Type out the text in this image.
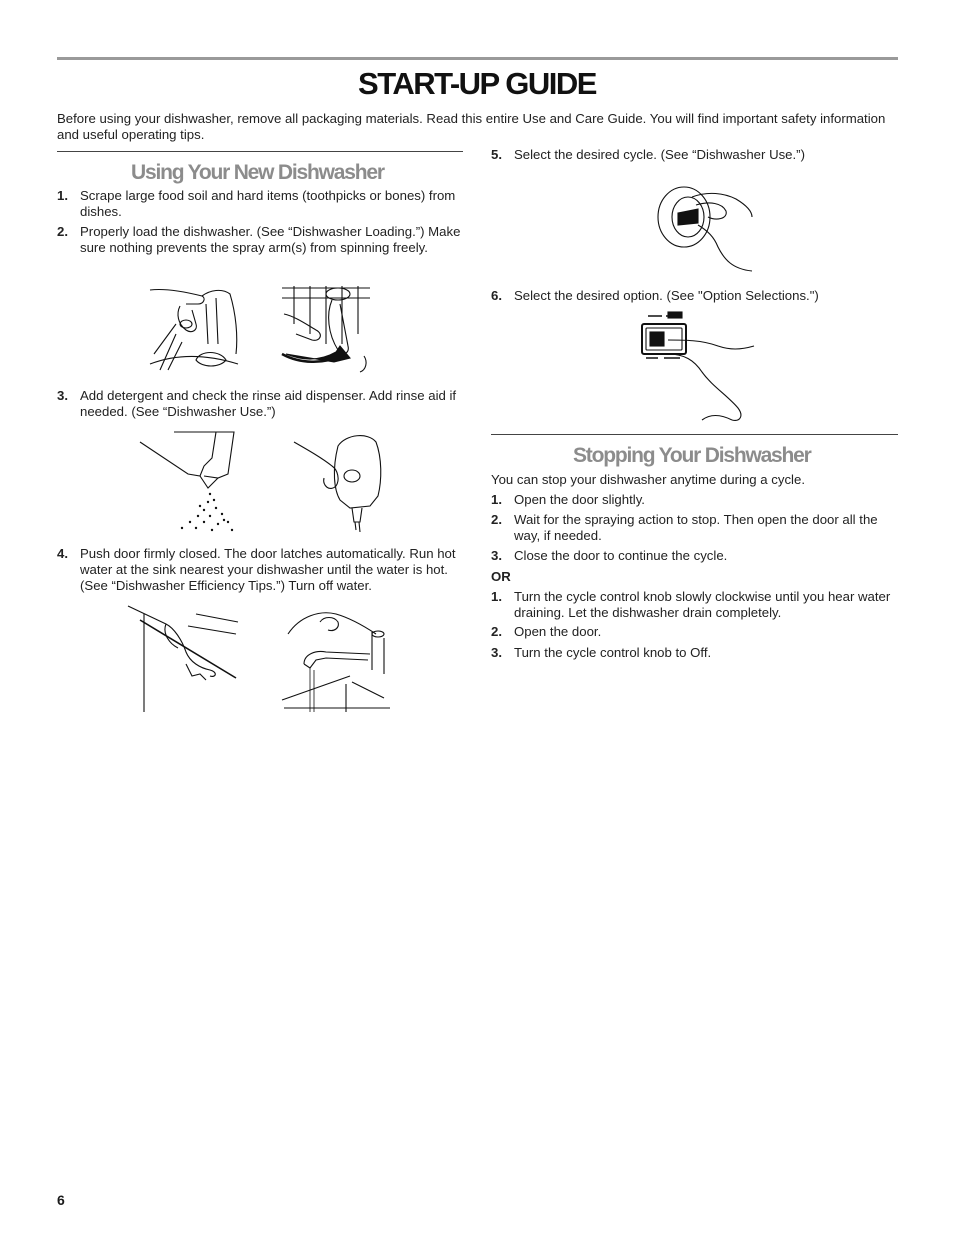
START-UP GUIDE
Before using your dishwasher, remove all packaging materials. Read this entire Use and Care Guide. You will find important safety information and useful operating tips.
Using Your New Dishwasher
1. Scrape large food soil and hard items (toothpicks or bones) from dishes.
2. Properly load the dishwasher. (See “Dishwasher Loading.”) Make sure nothing prevents the spray arm(s) from spinning freely.
3. Add detergent and check the rinse aid dispenser. Add rinse aid if needed. (See “Dishwasher Use.”)
4. Push door firmly closed. The door latches automatically. Run hot water at the sink nearest your dishwasher until the water is hot. (See “Dishwasher Efficiency Tips.”) Turn off water.
5. Select the desired cycle. (See “Dishwasher Use.”)
6. Select the desired option. (See "Option Selections.")
Stopping Your Dishwasher
You can stop your dishwasher anytime during a cycle.
1. Open the door slightly.
2. Wait for the spraying action to stop. Then open the door all the way, if needed.
3. Close the door to continue the cycle.
OR
1. Turn the cycle control knob slowly clockwise until you hear water draining. Let the dishwasher drain completely.
2. Open the door.
3. Turn the cycle control knob to Off.
6
